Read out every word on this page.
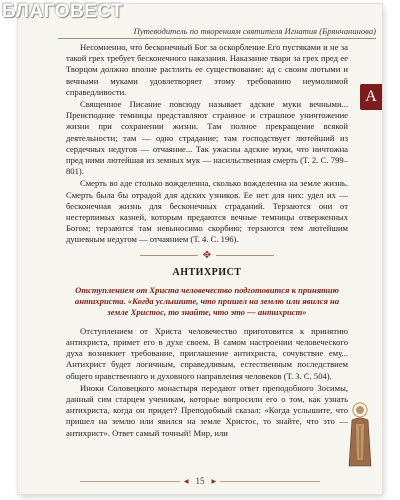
БЛАГОВЕСТ
Путеводитель по творениям святителя Игнатия (Брянчанинова)
А

Несомненно, что бесконечный Бог за оскорбление Его пустяками и не за такой грех требует бесконечного наказания. Наказание твари за грех пред ее Творцом должно вполне растлить ее существование: ад с своим лютыми и вечными муками удовлетворяет этому требованию неумолимой справедливости.

Священное Писание повсюду называет адские муки вечными... Преисподние темницы представляют странное и страшное уничтожение жизни при сохранении жизни. Там полное прекращение всякой деятельности; там — одно страдание; там господствует лютейший из сердечных недугов — отчаяние... Так ужасны адские муки, что ничтожна пред ними лютейшая из земных мук — насильственная смерть (Т. 2. С. 799–801).

Смерть во аде столько вожделенна, сколько вожделенна на земле жизнь. Смерть была бы отрадой для адских узников. Ее нет для них: удел их — бесконечная жизнь для бесконечных страданий. Терзаются они от нестерпимых казней, которым предаются вечные темницы отверженных Богом; терзаются там невыносимо скорбию; терзаются тем лютейшим душевным недугом — отчаянием (Т. 4. С. 196).

✥
АНТИХРИСТ
Отступлением от Христа человечество подготовится к принятию антихриста. «Когда услышите, что пришел на землю или явился на земле Христос, то знайте, что это — антихрист»

Отступлением от Христа человечество приготовится к принятию антихриста, примет его в духе своем. В самом настроении человеческого духа возникнет требование, приглашение антихриста, сочувствие ему... Антихрист будет логичным, справедливым, естественным последствием общего нравственного и духовного направления человеков (Т. 3. С. 504).

Иноки Соловецкого монастыря передают ответ преподобного Зосимы, данный сим старцем ученикам, которые вопросили его о том, как узнать антихриста, когда он придет? Преподобный сказал: «Когда услышите, что пришел на землю или явился на земле Христос, то знайте, что это — антихрист». Ответ самый точный! Мир, или

◀ 15 ▶
